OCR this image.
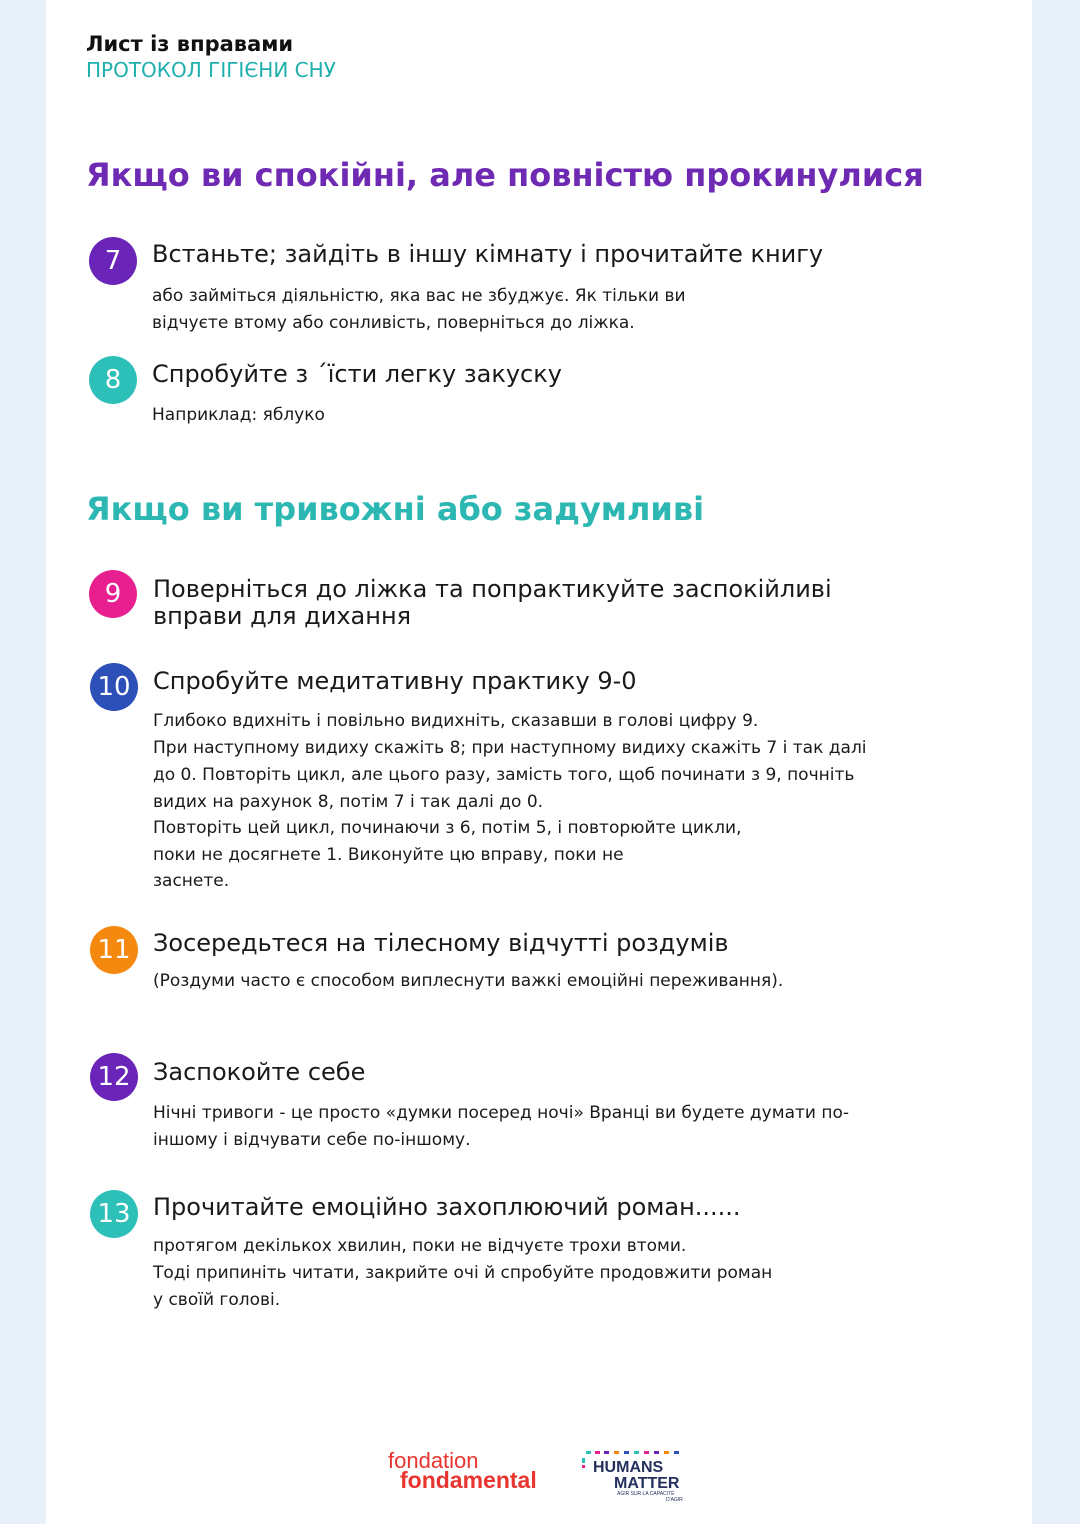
Лист із вправами
ПРОТОКОЛ ГІГІЄНИ СНУ
Якщо ви спокійні, але повністю прокинулися
7	Встаньте; зайдіть в іншу кімнату і прочитайте книгу
або займіться діяльністю, яка вас не збуджує. Як тільки ви
відчуєте втому або сонливість, поверніться до ліжка.
8	Спробуйте з ˊїсти легку закуску
Наприклад: яблуко
Якщо ви тривожні або задумливі
9	Поверніться до ліжка та попрактикуйте заспокійливі
вправи для дихання
10 Спробуйте медитативну практику 9-0
Глибоко вдихніть і повільно видихніть, сказавши в голові цифру 9.
При наступному видиху скажіть 8; при наступному видиху скажіть 7 і так далі
до 0. Повторіть цикл, але цього разу, замість того, щоб починати з 9, почніть
видих на рахунок 8, потім 7 і так далі до 0.
Повторіть цей цикл, починаючи з 6, потім 5, і повторюйте цикли,
поки не досягнете 1. Виконуйте цю вправу, поки не
заснете.
11 Зосередьтеся на тілесному відчутті роздумів
(Роздуми часто є способом виплеснути важкі емоційні переживання).
12 Заспокойте себе
Нічні тривоги - це просто «думки посеред ночі» Вранці ви будете думати по-
іншому і відчувати себе по-іншому.
13 Прочитайте емоційно захоплюючий роман......
протягом декількох хвилин, поки не відчуєте трохи втоми.
Тоді припиніть читати, закрийте очі й спробуйте продовжити роман
у своїй голові.
fondation
fondamental	HUMANS
MATTER
AGIR SUR LA CAPACITÉ
D'AGIR
